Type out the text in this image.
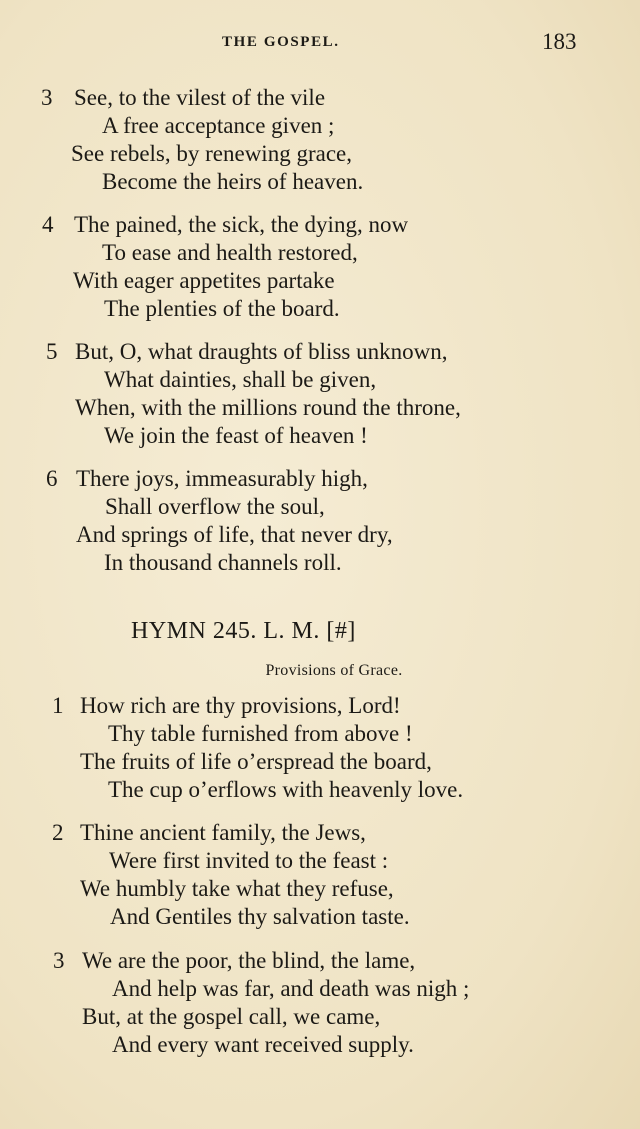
THE GOSPEL.	183
3 See, to the vilest of the vile
A free acceptance given ;
See rebels, by renewing grace,
Become the heirs of heaven.
4 The pained, the sick, the dying, now
To ease and health restored,
With eager appetites partake
The plenties of the board.
5 But, O, what draughts of bliss unknown,
What dainties, shall be given,
When, with the millions round the throne,
We join the feast of heaven !
6 There joys, immeasurably high,
Shall overflow the soul,
And springs of life, that never dry,
In thousand channels roll.
HYMN 245. L. M. [#]
Provisions of Grace.
1 How rich are thy provisions, Lord!
Thy table furnished from above !
The fruits of life o’erspread the board,
The cup o’erflows with heavenly love.
2 Thine ancient family, the Jews,
Were first invited to the feast :
We humbly take what they refuse,
And Gentiles thy salvation taste.
3 We are the poor, the blind, the lame,
And help was far, and death was nigh ;
But, at the gospel call, we came,
And every want received supply.
